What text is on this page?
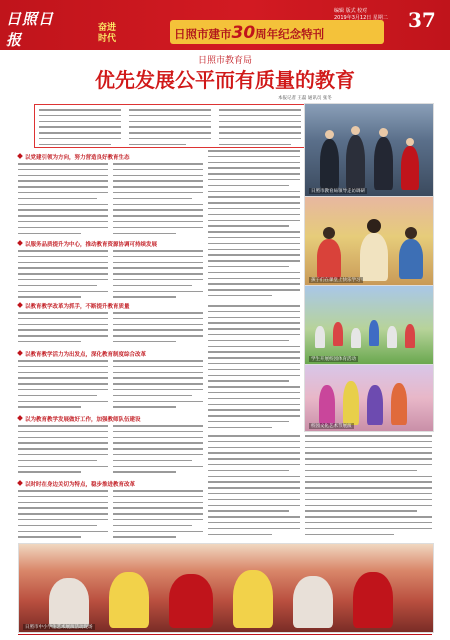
日照日报
奋进
时代	日照市建市30周年纪念特刊
编辑 版式 校对
2019年3月12日 星期二 37
日照市教育局
优先发展公平而有质量的教育
本报记者 王磊 通讯员 张冬
以党建引领为方向，努力营造良好教育生态
以服务品质提升为中心，推动教育资源协调可持续发展
以教育教学改革为抓手，不断提升教育质量
以教育教学活力为出发点，深化教育制度综合改革
以为教育教学发展做好工作，加强教师队伍建设
以时时在身边关切为特点，稳步推进教育改革
日照市教育局领导走访调研
孩子们在课堂上快乐学习
学生开展校园体育活动
校园文化艺术节展演
日照市中小学生艺术展演活动现场
